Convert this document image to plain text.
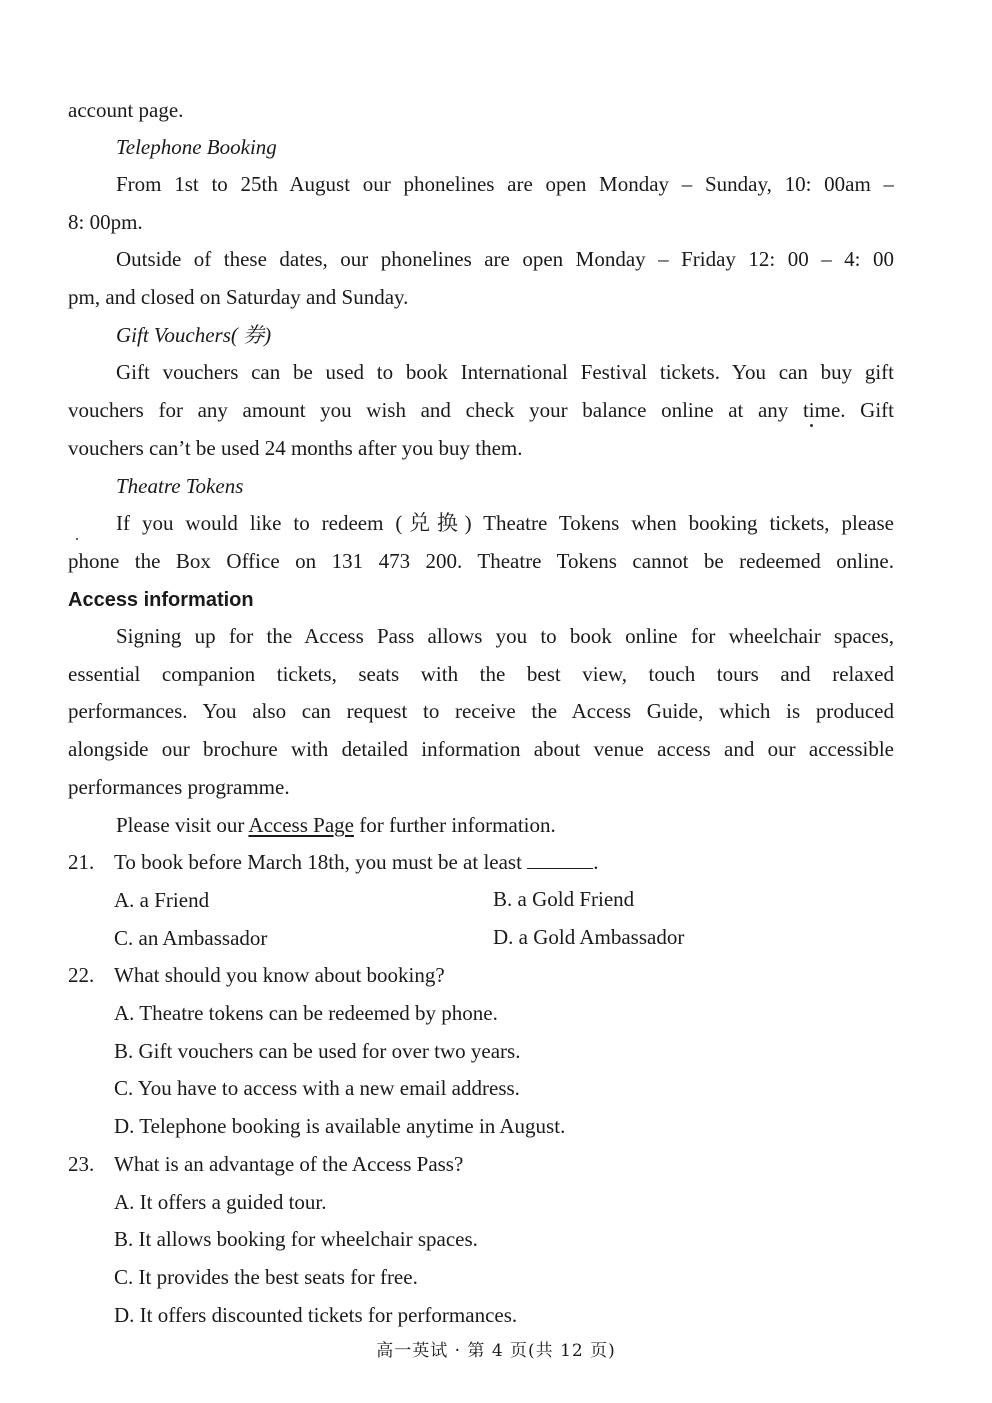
account page.
Telephone Booking
From 1st to 25th August our phonelines are open Monday – Sunday, 10: 00am –
8: 00pm.
Outside of these dates, our phonelines are open Monday – Friday 12: 00 – 4: 00
pm, and closed on Saturday and Sunday.
Gift Vouchers( 券)
Gift vouchers can be used to book International Festival tickets. You can buy gift
vouchers for any amount you wish and check your balance online at any time. Gift
vouchers can’t be used 24 months after you buy them.
Theatre Tokens
If you would like to redeem (兑换) Theatre Tokens when booking tickets, please
phone the Box Office on 131 473 200. Theatre Tokens cannot be redeemed online.
Access information
Signing up for the Access Pass allows you to book online for wheelchair spaces,
essential companion tickets, seats with the best view, touch tours and relaxed
performances. You also can request to receive the Access Guide, which is produced
alongside our brochure with detailed information about venue access and our accessible
performances programme.
Please visit our Access Page for further information.
21. To book before March 18th, you must be at least	.
A. a Friend	B. a Gold Friend
C. an Ambassador	D. a Gold Ambassador
22. What should you know about booking?
A. Theatre tokens can be redeemed by phone.
B. Gift vouchers can be used for over two years.
C. You have to access with a new email address.
D. Telephone booking is available anytime in August.
23. What is an advantage of the Access Pass?
A. It offers a guided tour.
B. It allows booking for wheelchair spaces.
C. It provides the best seats for free.
D. It offers discounted tickets for performances.
高一英试 · 第 4 页(共 12 页)
